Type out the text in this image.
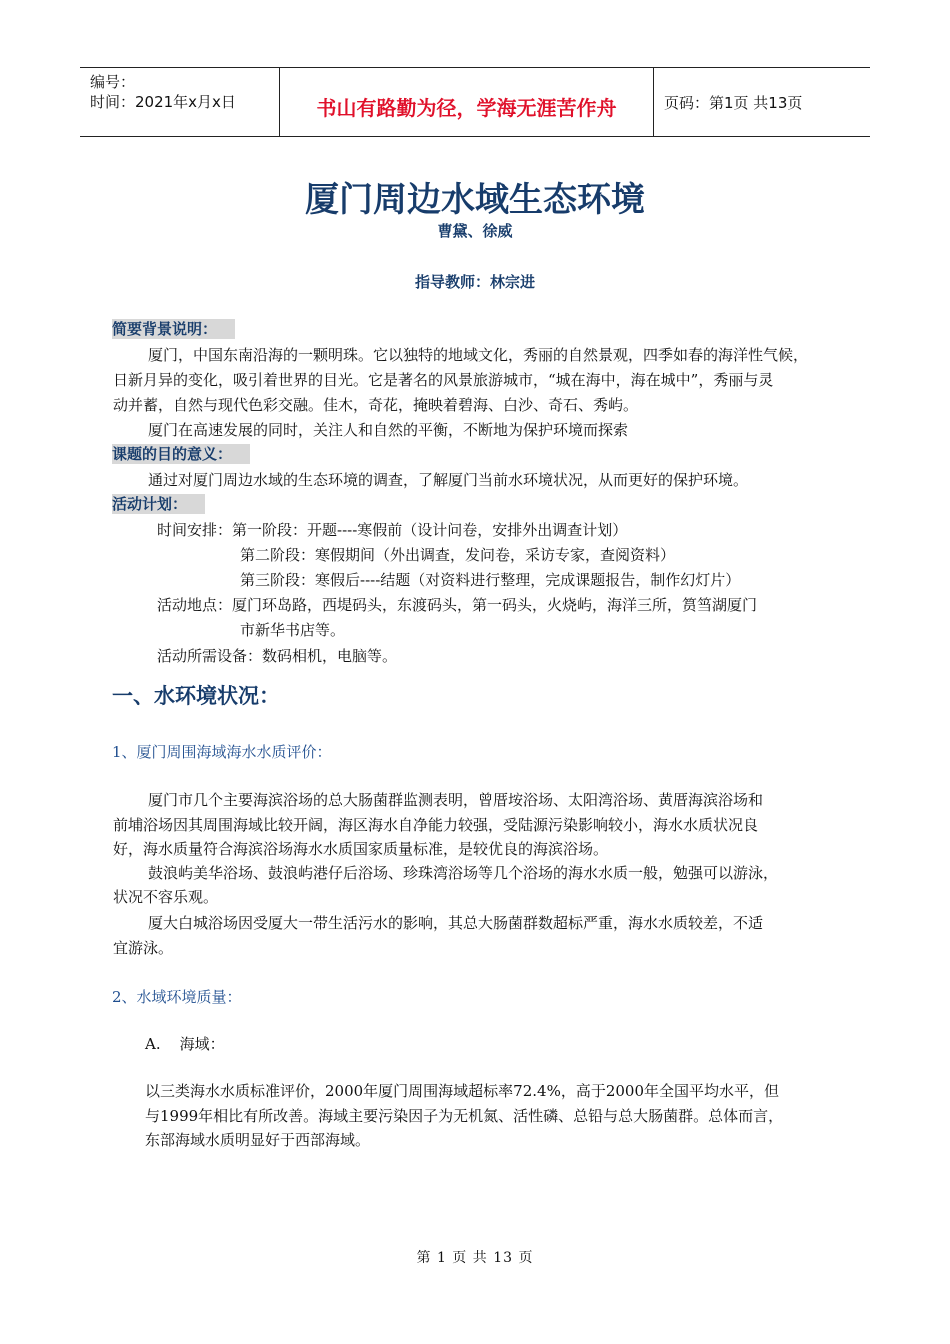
编号：
时间：2021年x月x日	书山有路勤为径，学海无涯苦作舟	页码：第1页 共13页
厦门周边水域生态环境
曹黛、徐威
指导教师：林宗进
简要背景说明：
厦门，中国东南沿海的一颗明珠。它以独特的地域文化，秀丽的自然景观，四季如春的海洋性气候，
日新月异的变化，吸引着世界的目光。它是著名的风景旅游城市，“城在海中，海在城中”，秀丽与灵
动并蓄，自然与现代色彩交融。佳木，奇花，掩映着碧海、白沙、奇石、秀屿。
厦门在高速发展的同时，关注人和自然的平衡，不断地为保护环境而探索
课题的目的意义：
通过对厦门周边水域的生态环境的调查，了解厦门当前水环境状况，从而更好的保护环境。
活动计划：
时间安排：第一阶段：开题----寒假前（设计问卷，安排外出调查计划）
第二阶段：寒假期间（外出调查，发问卷，采访专家，查阅资料）
第三阶段：寒假后----结题（对资料进行整理，完成课题报告，制作幻灯片）
活动地点：厦门环岛路，西堤码头，东渡码头，第一码头，火烧屿，海洋三所，筼筜湖厦门
市新华书店等。
活动所需设备：数码相机，电脑等。
一、水环境状况：
1、厦门周围海域海水水质评价：
厦门市几个主要海滨浴场的总大肠菌群监测表明，曾厝垵浴场、太阳湾浴场、黄厝海滨浴场和
前埔浴场因其周围海域比较开阔，海区海水自净能力较强，受陆源污染影响较小，海水水质状况良
好，海水质量符合海滨浴场海水水质国家质量标准，是较优良的海滨浴场。
鼓浪屿美华浴场、鼓浪屿港仔后浴场、珍珠湾浴场等几个浴场的海水水质一般，勉强可以游泳，
状况不容乐观。
厦大白城浴场因受厦大一带生活污水的影响，其总大肠菌群数超标严重，海水水质较差，不适
宜游泳。
2、水域环境质量：
A.    海域：
以三类海水水质标准评价，2000年厦门周围海域超标率72.4%，高于2000年全国平均水平，但
与1999年相比有所改善。海域主要污染因子为无机氮、活性磷、总铅与总大肠菌群。总体而言，
东部海域水质明显好于西部海域。
第 1 页 共 13 页
